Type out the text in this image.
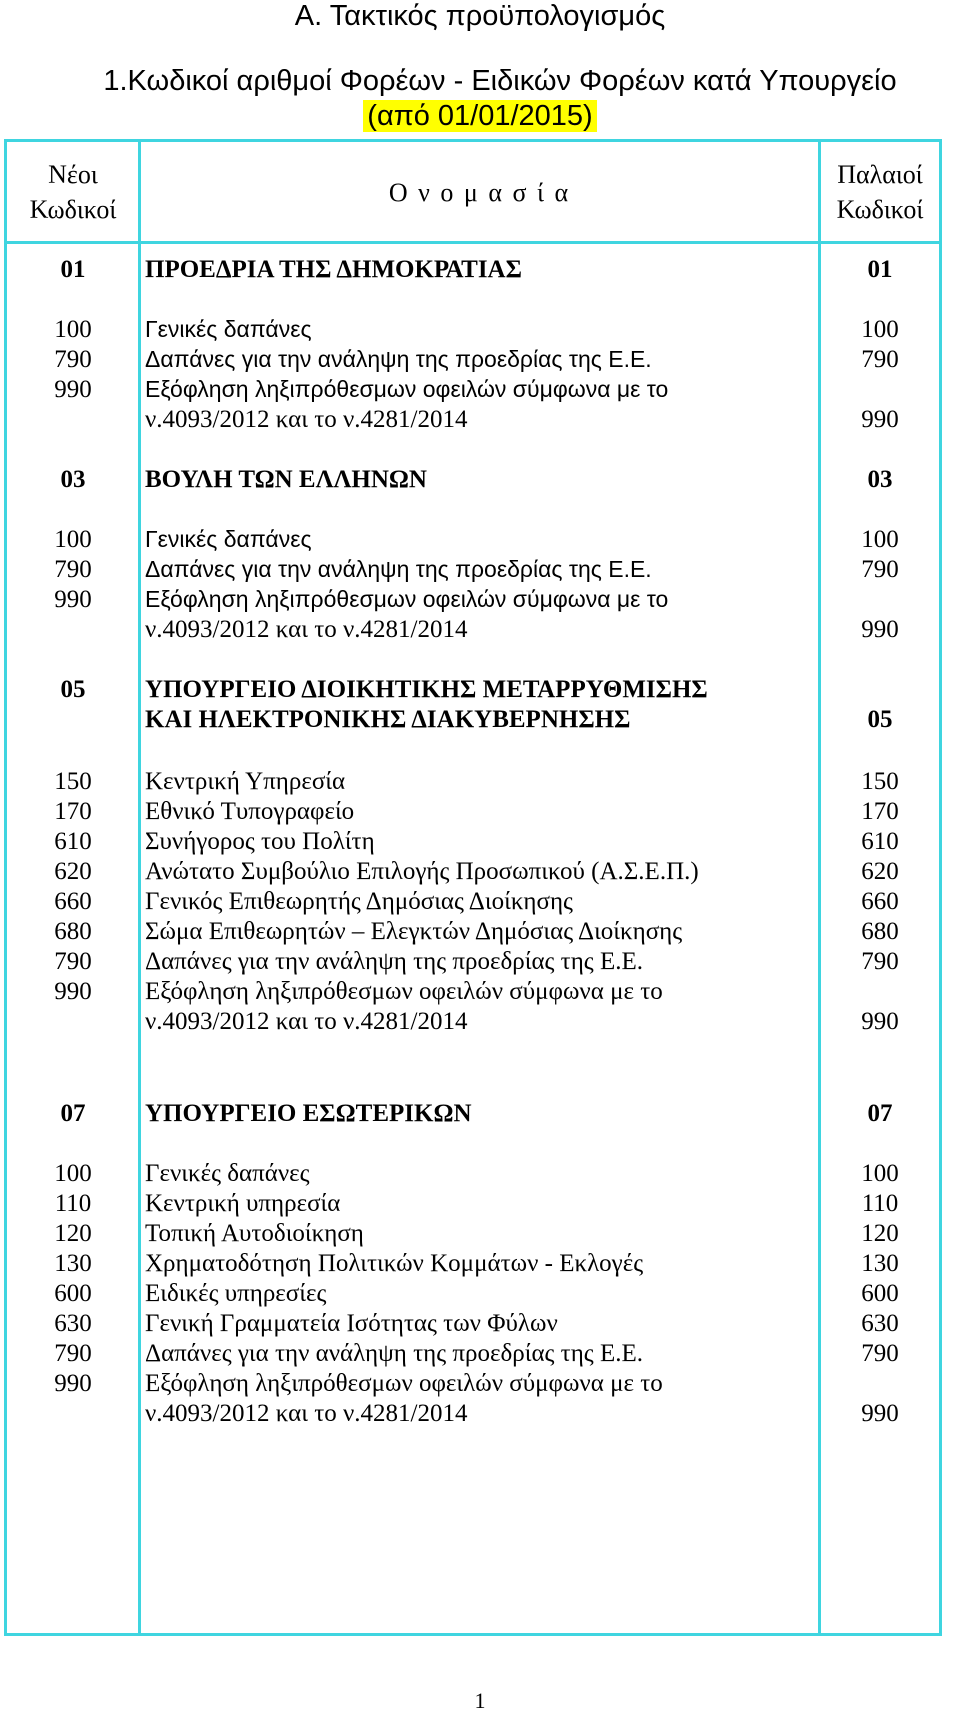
Α. Τακτικός προϋπολογισμός
1.Κωδικοί αριθμοί Φορέων - Ειδικών Φορέων κατά Υπουργείο
(από 01/01/2015)
Νέοι
Κωδικοί
Ο ν ο μ α σ ί α
Παλαιοί
Κωδικοί
01	ΠΡΟΕΔΡΙΑ ΤΗΣ ΔΗΜΟΚΡΑΤΙΑΣ	01
100	Γενικές δαπάνες	100
790	Δαπάνες για την ανάληψη της προεδρίας της Ε.Ε.	790
990	Εξόφληση ληξιπρόθεσμων οφειλών σύμφωνα με το
ν.4093/2012 και το ν.4281/2014	990
03	ΒΟΥΛΗ ΤΩΝ ΕΛΛΗΝΩΝ	03
100	Γενικές δαπάνες	100
790	Δαπάνες για την ανάληψη της προεδρίας της Ε.Ε.	790
990	Εξόφληση ληξιπρόθεσμων οφειλών σύμφωνα με το
ν.4093/2012 και το ν.4281/2014	990
05	ΥΠΟΥΡΓΕΙΟ ΔΙΟΙΚΗΤΙΚΗΣ ΜΕΤΑΡΡΥΘΜΙΣΗΣ
ΚΑΙ ΗΛΕΚΤΡΟΝΙΚΗΣ ΔΙΑΚΥΒΕΡΝΗΣΗΣ	05
150	Κεντρική Υπηρεσία	150
170	Εθνικό Τυπογραφείο	170
610	Συνήγορος του Πολίτη	610
620	Ανώτατο Συμβούλιο Επιλογής Προσωπικού (Α.Σ.Ε.Π.)	620
660	Γενικός Επιθεωρητής Δημόσιας Διοίκησης	660
680	Σώμα Επιθεωρητών – Ελεγκτών Δημόσιας Διοίκησης	680
790	Δαπάνες για την ανάληψη της προεδρίας της Ε.Ε.	790
990	Εξόφληση ληξιπρόθεσμων οφειλών σύμφωνα με το
ν.4093/2012 και το ν.4281/2014	990
07	ΥΠΟΥΡΓΕΙΟ ΕΣΩΤΕΡΙΚΩΝ	07
100	Γενικές δαπάνες	100
110	Κεντρική υπηρεσία	110
120	Τοπική Αυτοδιοίκηση	120
130	Χρηματοδότηση Πολιτικών Κομμάτων - Εκλογές	130
600	Ειδικές υπηρεσίες	600
630	Γενική Γραμματεία Ισότητας των Φύλων	630
790	Δαπάνες για την ανάληψη της προεδρίας της Ε.Ε.	790
990	Εξόφληση ληξιπρόθεσμων οφειλών σύμφωνα με το
ν.4093/2012 και το ν.4281/2014	990
1
